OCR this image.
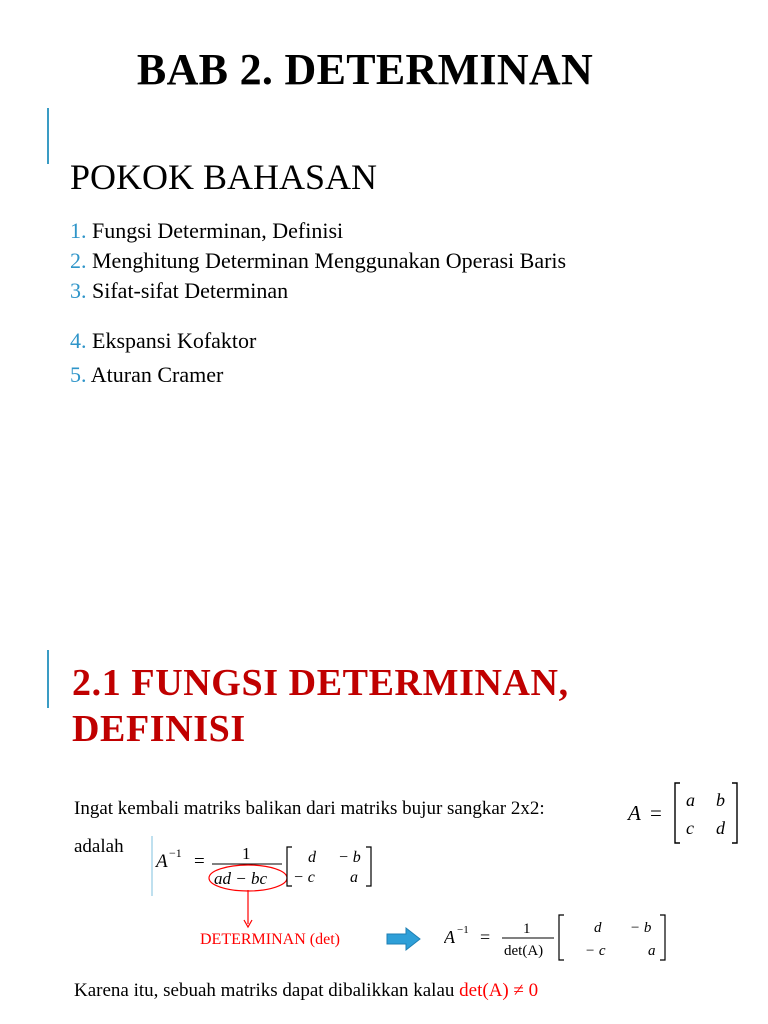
BAB 2. DETERMINAN
POKOK BAHASAN
1. Fungsi Determinan, Definisi
2. Menghitung Determinan Menggunakan Operasi Baris
3. Sifat-sifat Determinan
4. Ekspansi Kofaktor
5. Aturan Cramer
2.1 FUNGSI DETERMINAN,
DEFINISI
Ingat kembali matriks balikan dari matriks bujur sangkar 2x2:	A =
a b
c d
adalah
A −1 = 1
ad − bc
d − b
− c a
DETERMINAN (det)	A −1 = 1
det(A)
d − b
− c	a
Karena itu, sebuah matriks dapat dibalikkan kalau det(A) ≠ 0
